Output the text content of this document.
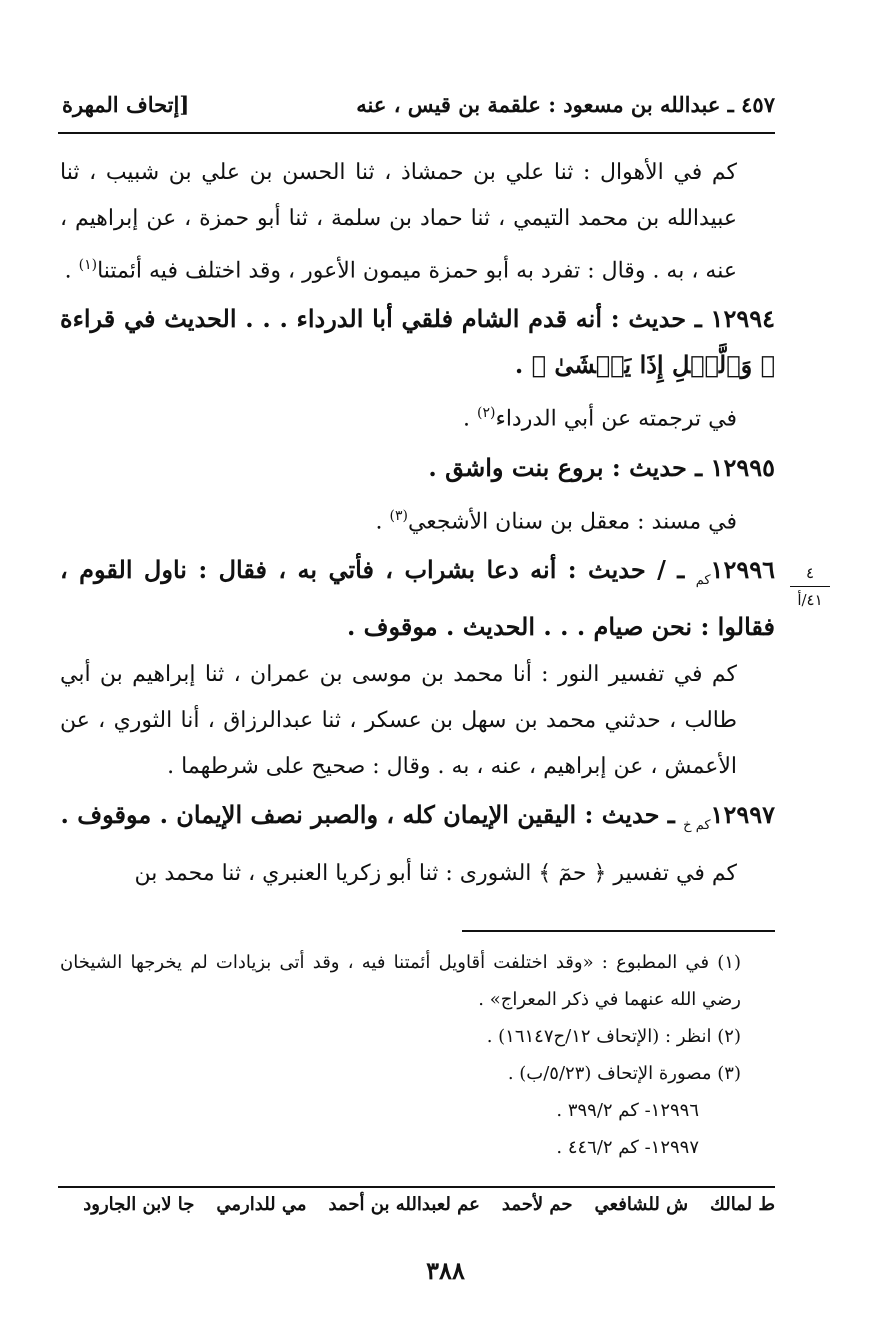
٤٥٧ ـ عبدالله بن مسعود : علقمة بن قيس ، عنه
[إتحاف المهرة

كم في الأهوال : ثنا علي بن حمشاذ ، ثنا الحسن بن علي بن شبيب ، ثنا عبيدالله بن محمد التيمي ، ثنا حماد بن سلمة ، ثنا أبو حمزة ، عن إبراهيم ، عنه ، به . وقال : تفرد به أبو حمزة ميمون الأعور ، وقد اختلف فيه أئمتنا$^{(١)}$ .

١٢٩٩٤ ـ حديث : أنه قدم الشام فلقي أبا الدرداء . . . الحديث في قراءة ﴿ وَٱلَّيۡلِ إِذَا يَغۡشَىٰ ﴾ .

في ترجمته عن أبي الدرداء$^{(٢)}$ .

١٢٩٩٥ ـ حديث : بروع بنت واشق .

في مسند : معقل بن سنان الأشجعي$^{(٣)}$ .

$١٢٩٩٦_{كم}$ ـ / حديث : أنه دعا بشراب ، فأتي به ، فقال : ناول القوم ، فقالوا : نحن صيام . . . الحديث . موقوف .

كم في تفسير النور : أنا محمد بن موسى بن عمران ، ثنا إبراهيم بن أبي طالب ، حدثني محمد بن سهل بن عسكر ، ثنا عبدالرزاق ، أنا الثوري ، عن الأعمش ، عن إبراهيم ، عنه ، به . وقال : صحيح على شرطهما .

$١٢٩٩٧_{كم خ}$ ـ حديث : اليقين الإيمان كله ، والصبر نصف الإيمان . موقوف .

كم في تفسير ﴿ حمٓ ﴾ الشورى : ثنا أبو زكريا العنبري ، ثنا محمد بن

٤
٤١/أ

(١) في المطبوع : «وقد اختلفت أقاويل أئمتنا فيه ، وقد أتى بزيادات لم يخرجها الشيخان رضي الله عنهما في ذكر المعراج» .

(٢) انظر : (الإتحاف ١٢/ح١٦١٤٧) .

(٣) مصورة الإتحاف (٥/٢٣/ب) .

١٢٩٩٦- كم ٣٩٩/٢ .

١٢٩٩٧- كم ٤٤٦/٢ .

ط لمالك
ش للشافعي
حم لأحمد
عم لعبدالله بن أحمد
مي للدارمي
جا لابن الجارود
٣٨٨
